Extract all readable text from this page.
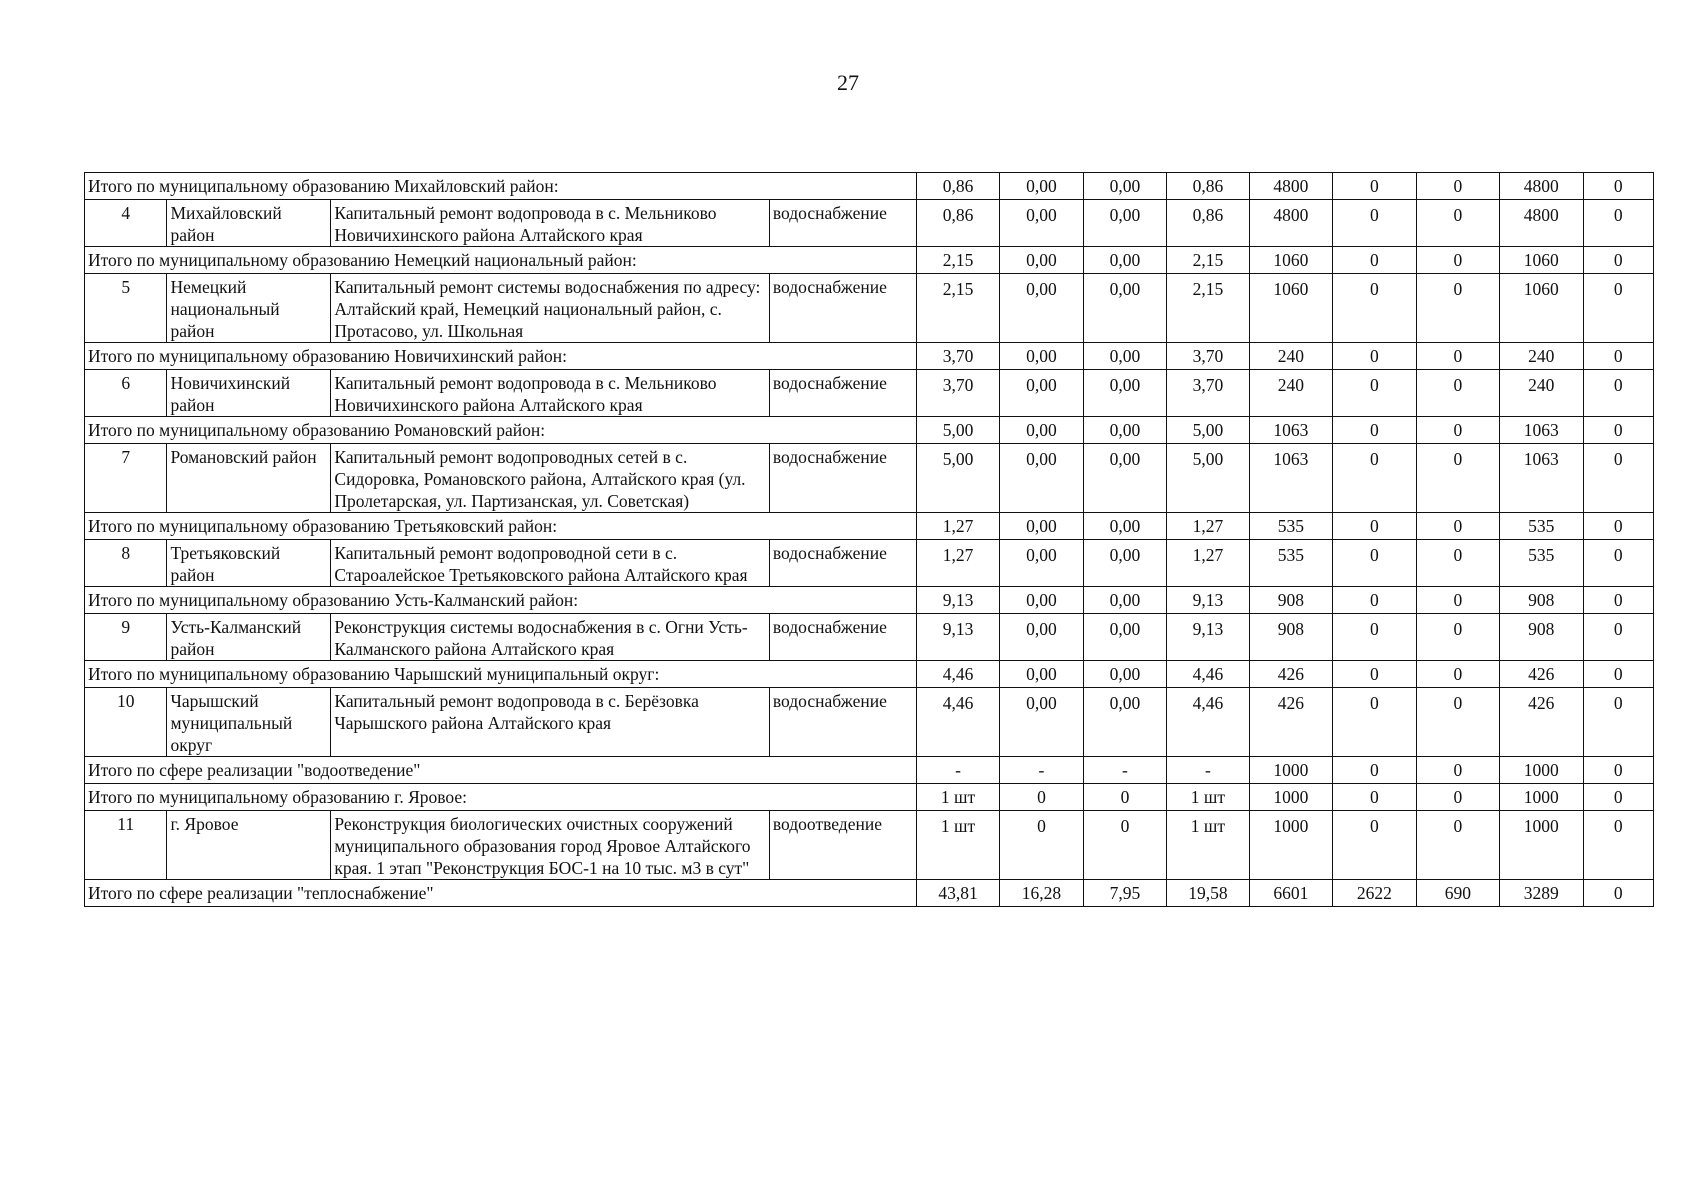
27
Итого по муниципальному образованию Михайловский район:				0,86	0,00	0,00	0,86	4800	0	0	4800	0
4	Михайловский район	Капитальный ремонт водопровода в с. Мельниково Новичихинского района Алтайского края	водоснабжение	0,86	0,00	0,00	0,86	4800	0	0	4800	0
Итого по муниципальному образованию Немецкий национальный район:				2,15	0,00	0,00	2,15	1060	0	0	1060	0
5	Немецкий национальный район	Капитальный ремонт системы водоснабжения по адресу: Алтайский край, Немецкий национальный район, с. Протасово, ул. Школьная	водоснабжение	2,15	0,00	0,00	2,15	1060	0	0	1060	0
Итого по муниципальному образованию Новичихинский район:				3,70	0,00	0,00	3,70	240	0	0	240	0
6	Новичихинский район	Капитальный ремонт водопровода в с. Мельниково Новичихинского района Алтайского края	водоснабжение	3,70	0,00	0,00	3,70	240	0	0	240	0
Итого по муниципальному образованию Романовский район:				5,00	0,00	0,00	5,00	1063	0	0	1063	0
7	Романовский район	Капитальный ремонт водопроводных сетей в с. Сидоровка, Романовского района, Алтайского края (ул. Пролетарская, ул. Партизанская, ул. Советская)	водоснабжение	5,00	0,00	0,00	5,00	1063	0	0	1063	0
Итого по муниципальному образованию Третьяковский район:				1,27	0,00	0,00	1,27	535	0	0	535	0
8	Третьяковский район	Капитальный ремонт водопроводной сети в с. Староалейское Третьяковского района Алтайского края	водоснабжение	1,27	0,00	0,00	1,27	535	0	0	535	0
Итого по муниципальному образованию Усть-Калманский район:				9,13	0,00	0,00	9,13	908	0	0	908	0
9	Усть-Калманский район	Реконструкция системы водоснабжения в с. Огни Усть-Калманского района Алтайского края	водоснабжение	9,13	0,00	0,00	9,13	908	0	0	908	0
Итого по муниципальному образованию Чарышский муниципальный округ:				4,46	0,00	0,00	4,46	426	0	0	426	0
10	Чарышский муниципальный округ	Капитальный ремонт водопровода в с. Берёзовка Чарышского района Алтайского края	водоснабжение	4,46	0,00	0,00	4,46	426	0	0	426	0
Итого по сфере реализации "водоотведение"				-	-	-	-	1000	0	0	1000	0
Итого по муниципальному образованию г. Яровое:				1 шт	0	0	1 шт	1000	0	0	1000	0
11	г. Яровое	Реконструкция биологических очистных сооружений муниципального образования город Яровое Алтайского края. 1 этап "Реконструкция БОС-1 на 10 тыс. м3 в сут"	водоотведение	1 шт	0	0	1 шт	1000	0	0	1000	0
Итого по сфере реализации "теплоснабжение"				43,81	16,28	7,95	19,58	6601	2622	690	3289	0
